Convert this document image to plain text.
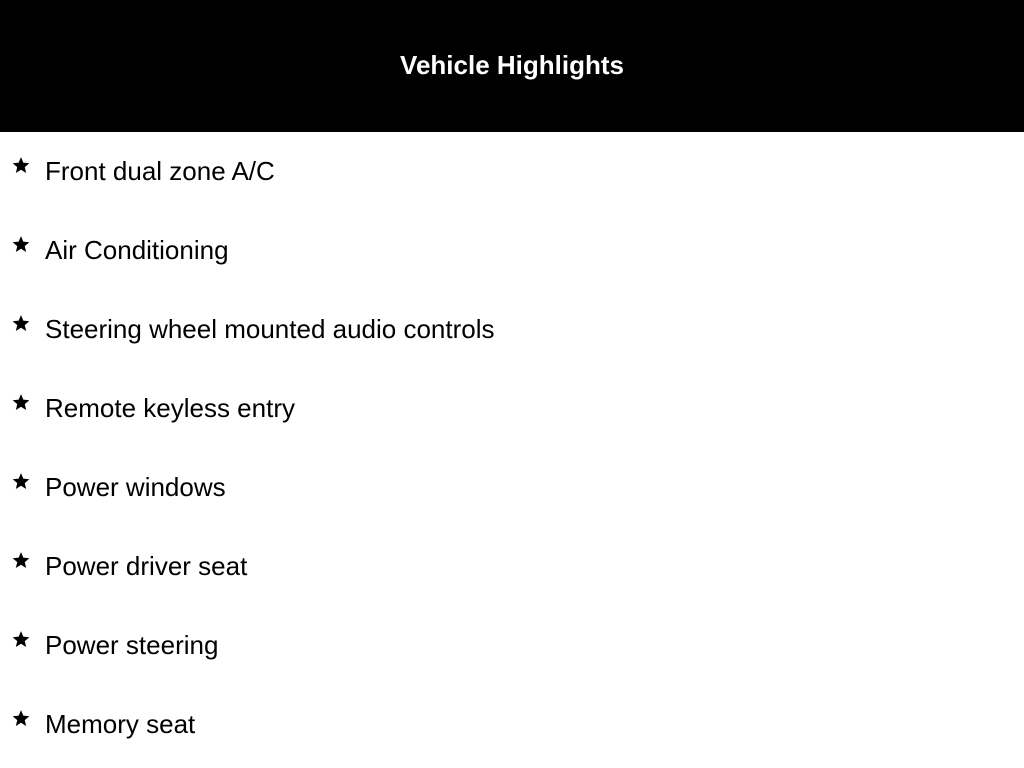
Vehicle Highlights
Front dual zone A/C
Air Conditioning
Steering wheel mounted audio controls
Remote keyless entry
Power windows
Power driver seat
Power steering
Memory seat
